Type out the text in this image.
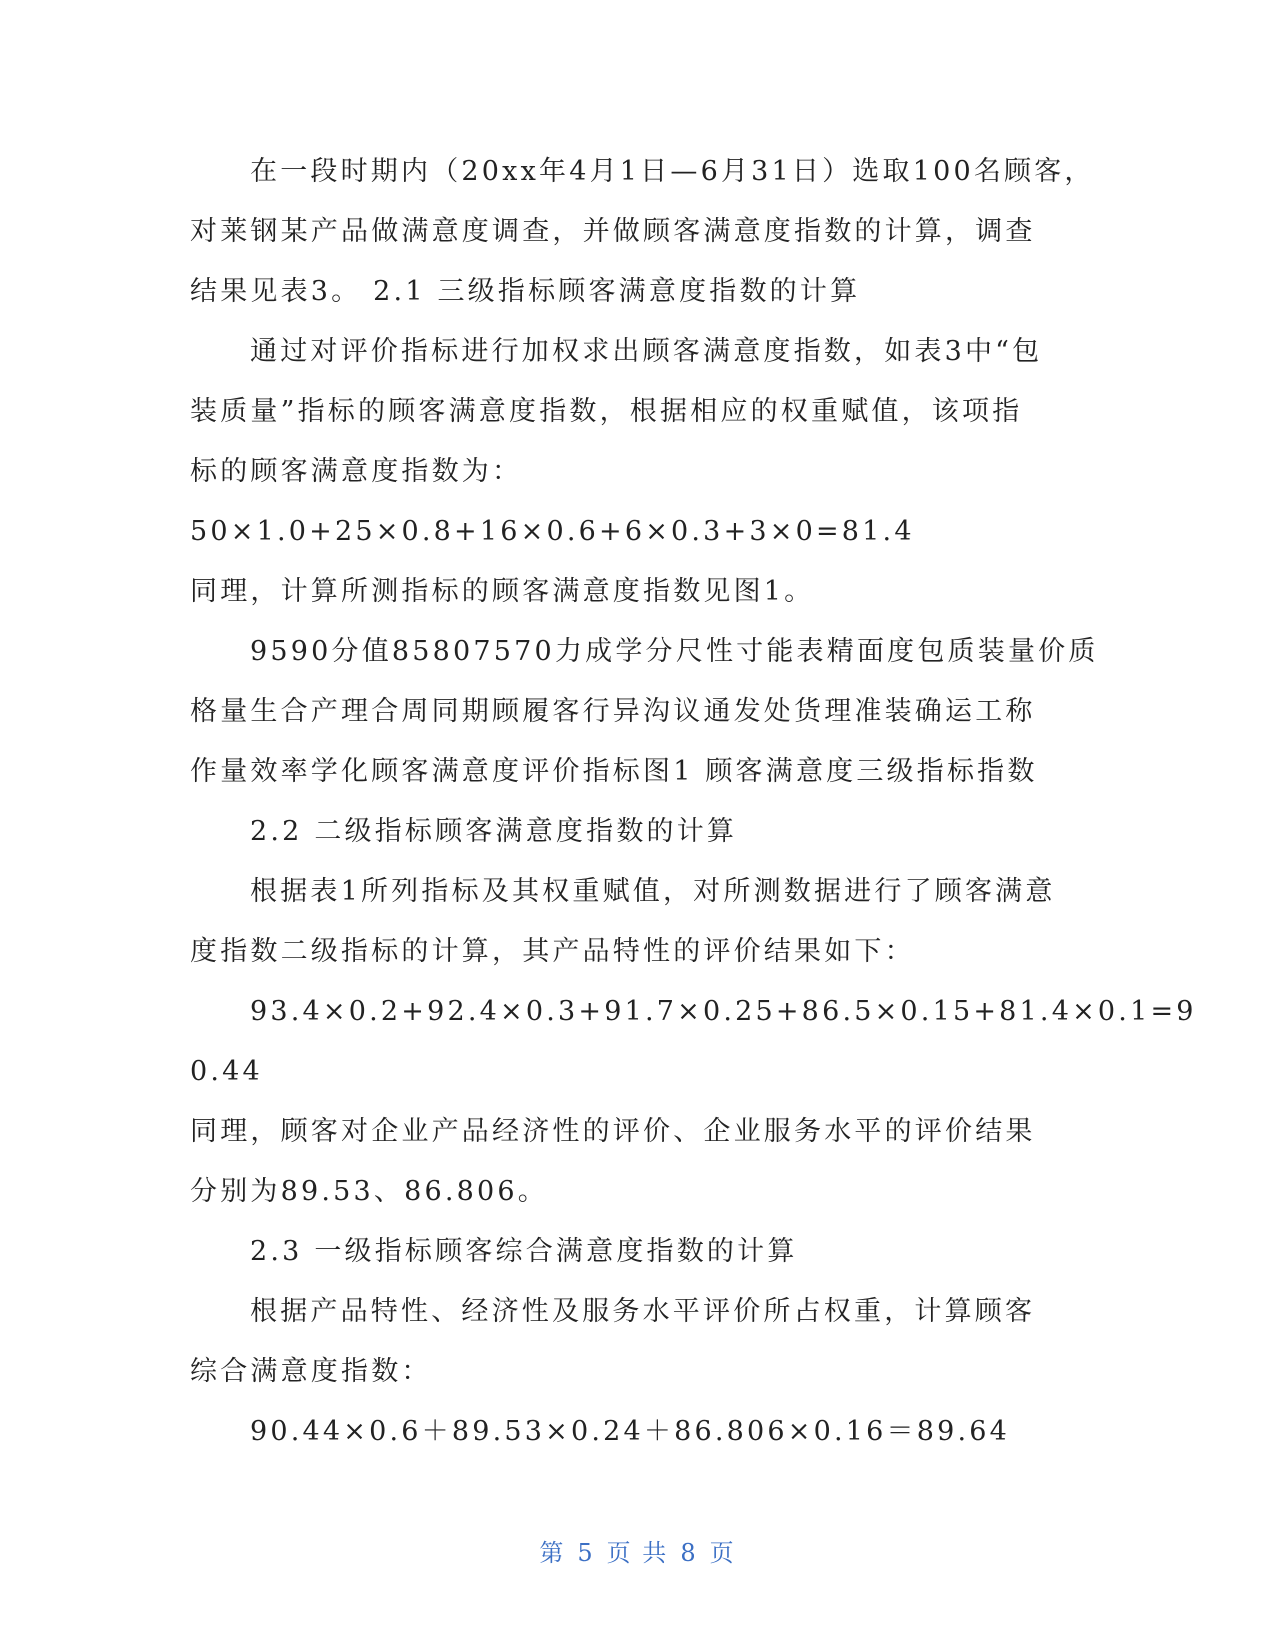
在一段时期内（20xx年4月1日—6月31日）选取100名顾客，
对莱钢某产品做满意度调查，并做顾客满意度指数的计算，调查
结果见表3。 2.1 三级指标顾客满意度指数的计算
通过对评价指标进行加权求出顾客满意度指数，如表3中“包
装质量”指标的顾客满意度指数，根据相应的权重赋值，该项指
标的顾客满意度指数为：
50×1.0+25×0.8+16×0.6+6×0.3+3×0=81.4
同理，计算所测指标的顾客满意度指数见图1。
9590分值85807570力成学分尺性寸能表精面度包质装量价质
格量生合产理合周同期顾履客行异沟议通发处货理准装确运工称
作量效率学化顾客满意度评价指标图1 顾客满意度三级指标指数
2.2 二级指标顾客满意度指数的计算
根据表1所列指标及其权重赋值，对所测数据进行了顾客满意
度指数二级指标的计算，其产品特性的评价结果如下：
93.4×0.2+92.4×0.3+91.7×0.25+86.5×0.15+81.4×0.1=9
0.44
同理，顾客对企业产品经济性的评价、企业服务水平的评价结果
分别为89.53、86.806。
2.3 一级指标顾客综合满意度指数的计算
根据产品特性、经济性及服务水平评价所占权重，计算顾客
综合满意度指数：
90.44×0.6＋89.53×0.24＋86.806×0.16＝89.64
第 5 页 共 8 页
